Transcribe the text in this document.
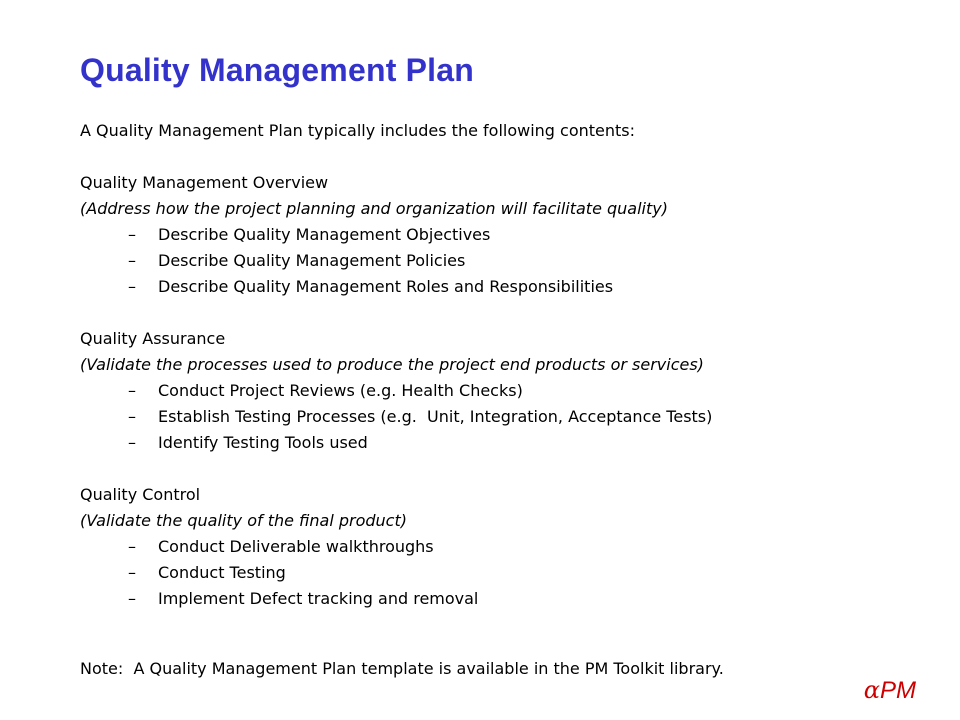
Quality Management Plan
A Quality Management Plan typically includes the following contents:
Quality Management Overview
(Address how the project planning and organization will facilitate quality)
–	Describe Quality Management Objectives
–	Describe Quality Management Policies
–	Describe Quality Management Roles and Responsibilities
Quality Assurance
(Validate the processes used to produce the project end products or services)
–	Conduct Project Reviews (e.g. Health Checks)
–	Establish Testing Processes (e.g.  Unit, Integration, Acceptance Tests)
–	Identify Testing Tools used
Quality Control
(Validate the quality of the final product)
–	Conduct Deliverable walkthroughs
–	Conduct Testing
–	Implement Defect tracking and removal
Note:  A Quality Management Plan template is available in the PM Toolkit library.
αPM
